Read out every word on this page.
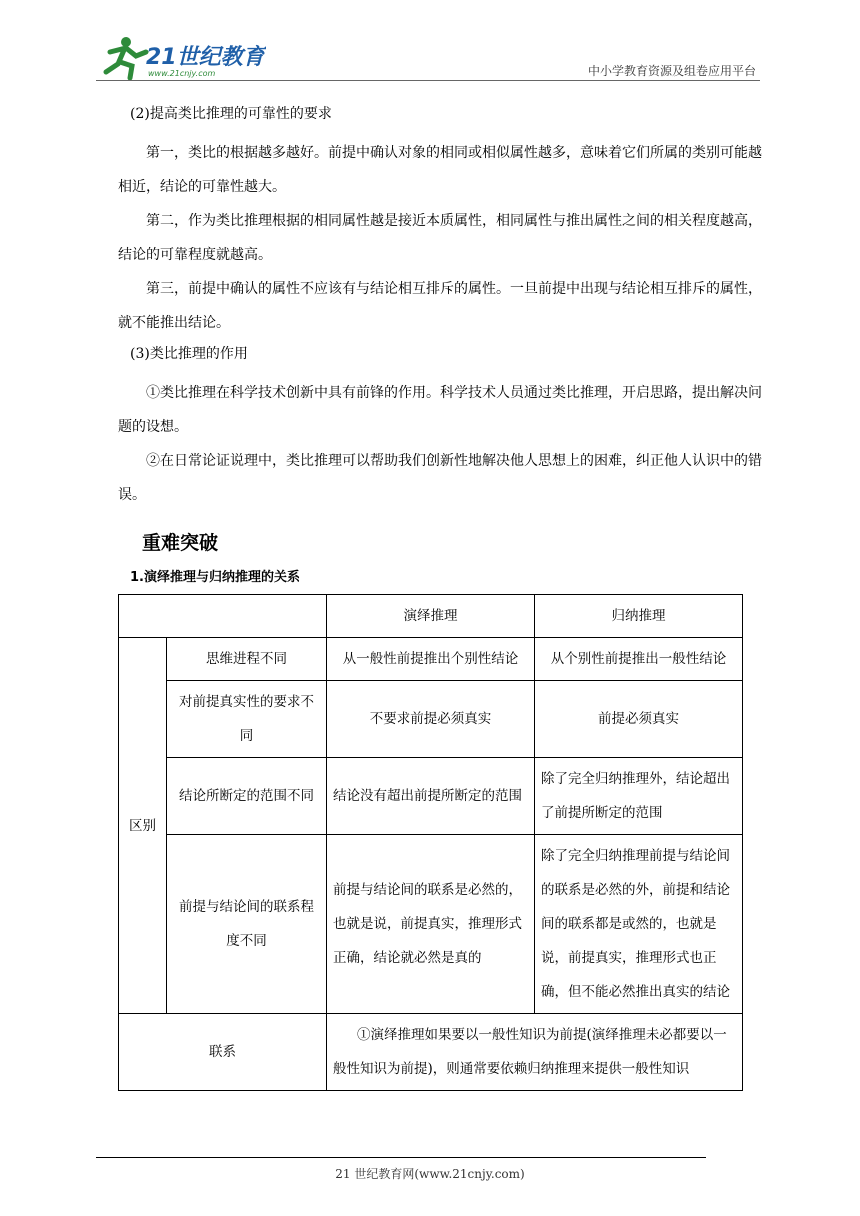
21世纪教育
www.21cnjy.com	中小学教育资源及组卷应用平台

(2)提高类比推理的可靠性的要求

第一，类比的根据越多越好。前提中确认对象的相同或相似属性越多，意味着它们所属的类别可能越相近，结论的可靠性越大。

第二，作为类比推理根据的相同属性越是接近本质属性，相同属性与推出属性之间的相关程度越高，结论的可靠程度就越高。

第三，前提中确认的属性不应该有与结论相互排斥的属性。一旦前提中出现与结论相互排斥的属性，就不能推出结论。

(3)类比推理的作用

①类比推理在科学技术创新中具有前锋的作用。科学技术人员通过类比推理，开启思路，提出解决问题的设想。

②在日常论证说理中，类比推理可以帮助我们创新性地解决他人思想上的困难，纠正他人认识中的错误。

重难突破
1.演绎推理与归纳推理的关系
		演绎推理	归纳推理
区别	思维进程不同	从一般性前提推出个别性结论	从个别性前提推出一般性结论
	对前提真实性的要求不同	不要求前提必须真实	前提必须真实
	结论所断定的范围不同	结论没有超出前提所断定的范围	除了完全归纳推理外，结论超出了前提所断定的范围
	前提与结论间的联系程度不同	前提与结论间的联系是必然的，也就是说，前提真实，推理形式正确，结论就必然是真的	除了完全归纳推理前提与结论间的联系是必然的外，前提和结论间的联系都是或然的，也就是说，前提真实，推理形式也正确，但不能必然推出真实的结论
联系		①演绎推理如果要以一般性知识为前提(演绎推理未必都要以一般性知识为前提)，则通常要依赖归纳推理来提供一般性知识	
21 世纪教育网(www.21cnjy.com)
